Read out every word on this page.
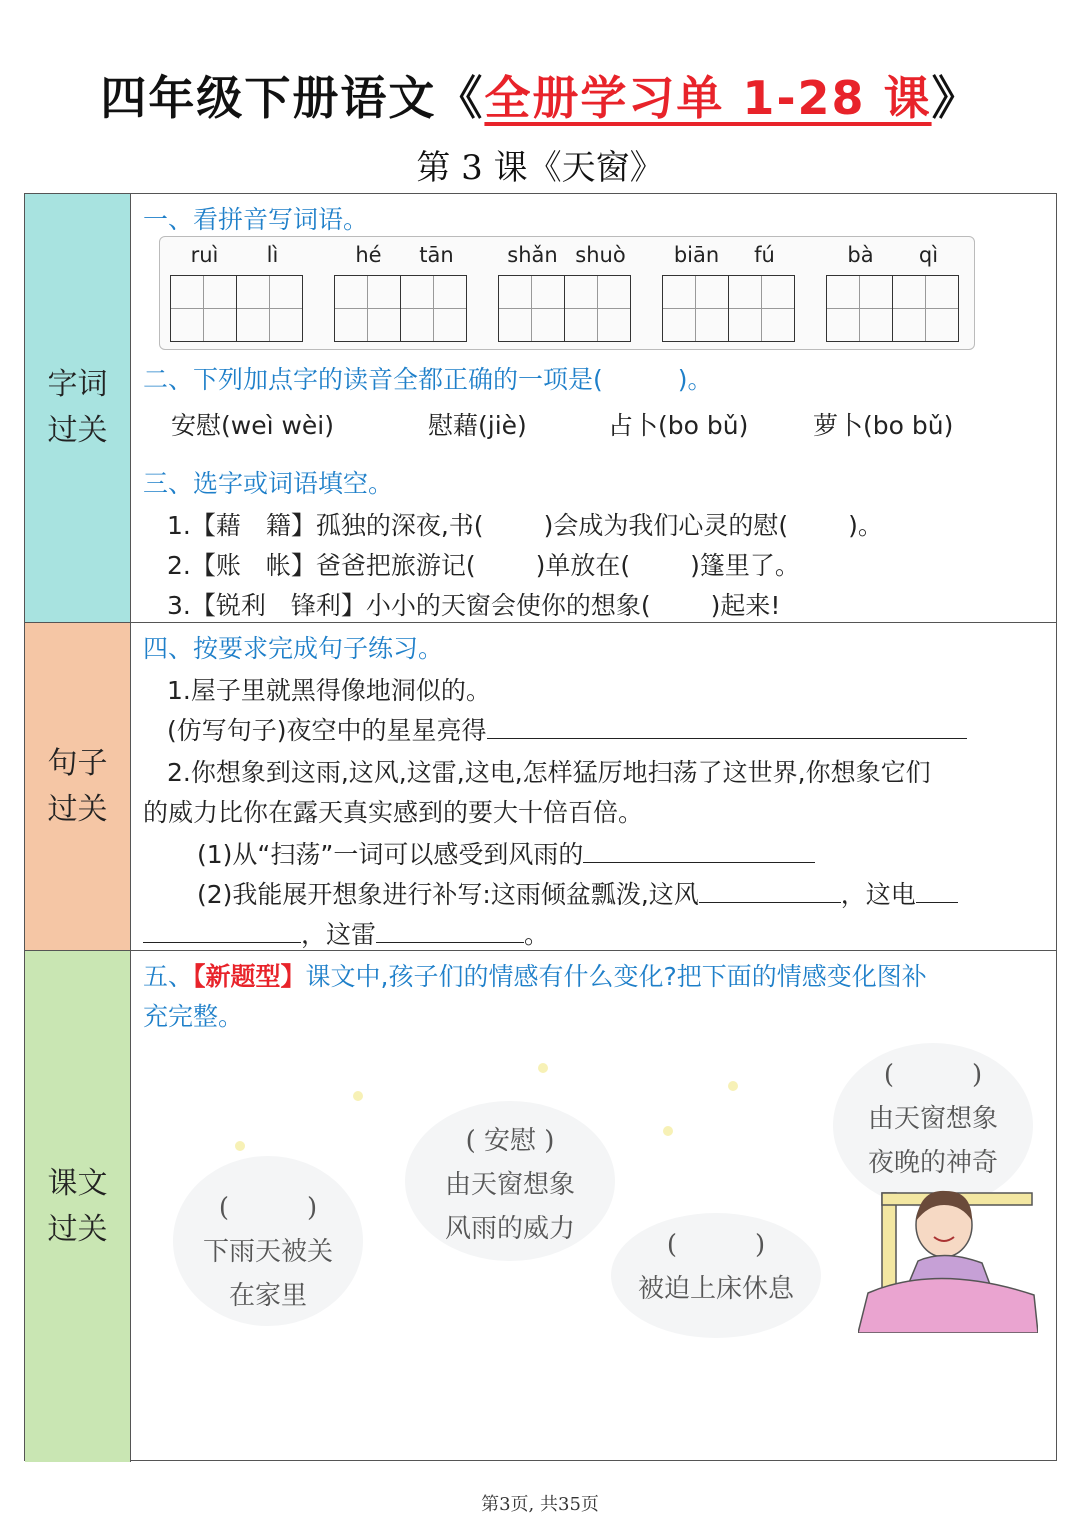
四年级下册语文《全册学习单 1-28 课》
第 3 课《天窗》
字词
过关
一、看拼音写词语。
ruì	lì	hé	tān	shǎn shuò	biān	fú	bà	qì
二、下列加点字的读音全都正确的一项是(　　　)。
安慰(weì wèi)	慰藉(jiè)	占卜(bo bǔ)	萝卜(bo bǔ)
三、选字或词语填空。
1.【藉　籍】孤独的深夜,书( )会成为我们心灵的慰( )。
2.【账　帐】爸爸把旅游记( )单放在( )篷里了。
3.【锐利　锋利】小小的天窗会使你的想象( )起来!
句子
过关
四、按要求完成句子练习。
1.屋子里就黑得像地洞似的。
(仿写句子)夜空中的星星亮得
2.你想象到这雨,这风,这雷,这电,怎样猛厉地扫荡了这世界,你想象它们
的威力比你在露天真实感到的要大十倍百倍。
(1)从“扫荡”一词可以感受到风雨的
(2)我能展开想象进行补写:这雨倾盆瓢泼,这风	，这电
，这雷	。
课文
过关
五、【新题型】课文中,孩子们的情感有什么变化?把下面的情感变化图补
充完整。
(　　　)
下雨天被关
在家里
( 安慰 )
由天窗想象
风雨的威力
(　　　)
被迫上床休息
(　　　)
由天窗想象
夜晚的神奇
第3页, 共35页
